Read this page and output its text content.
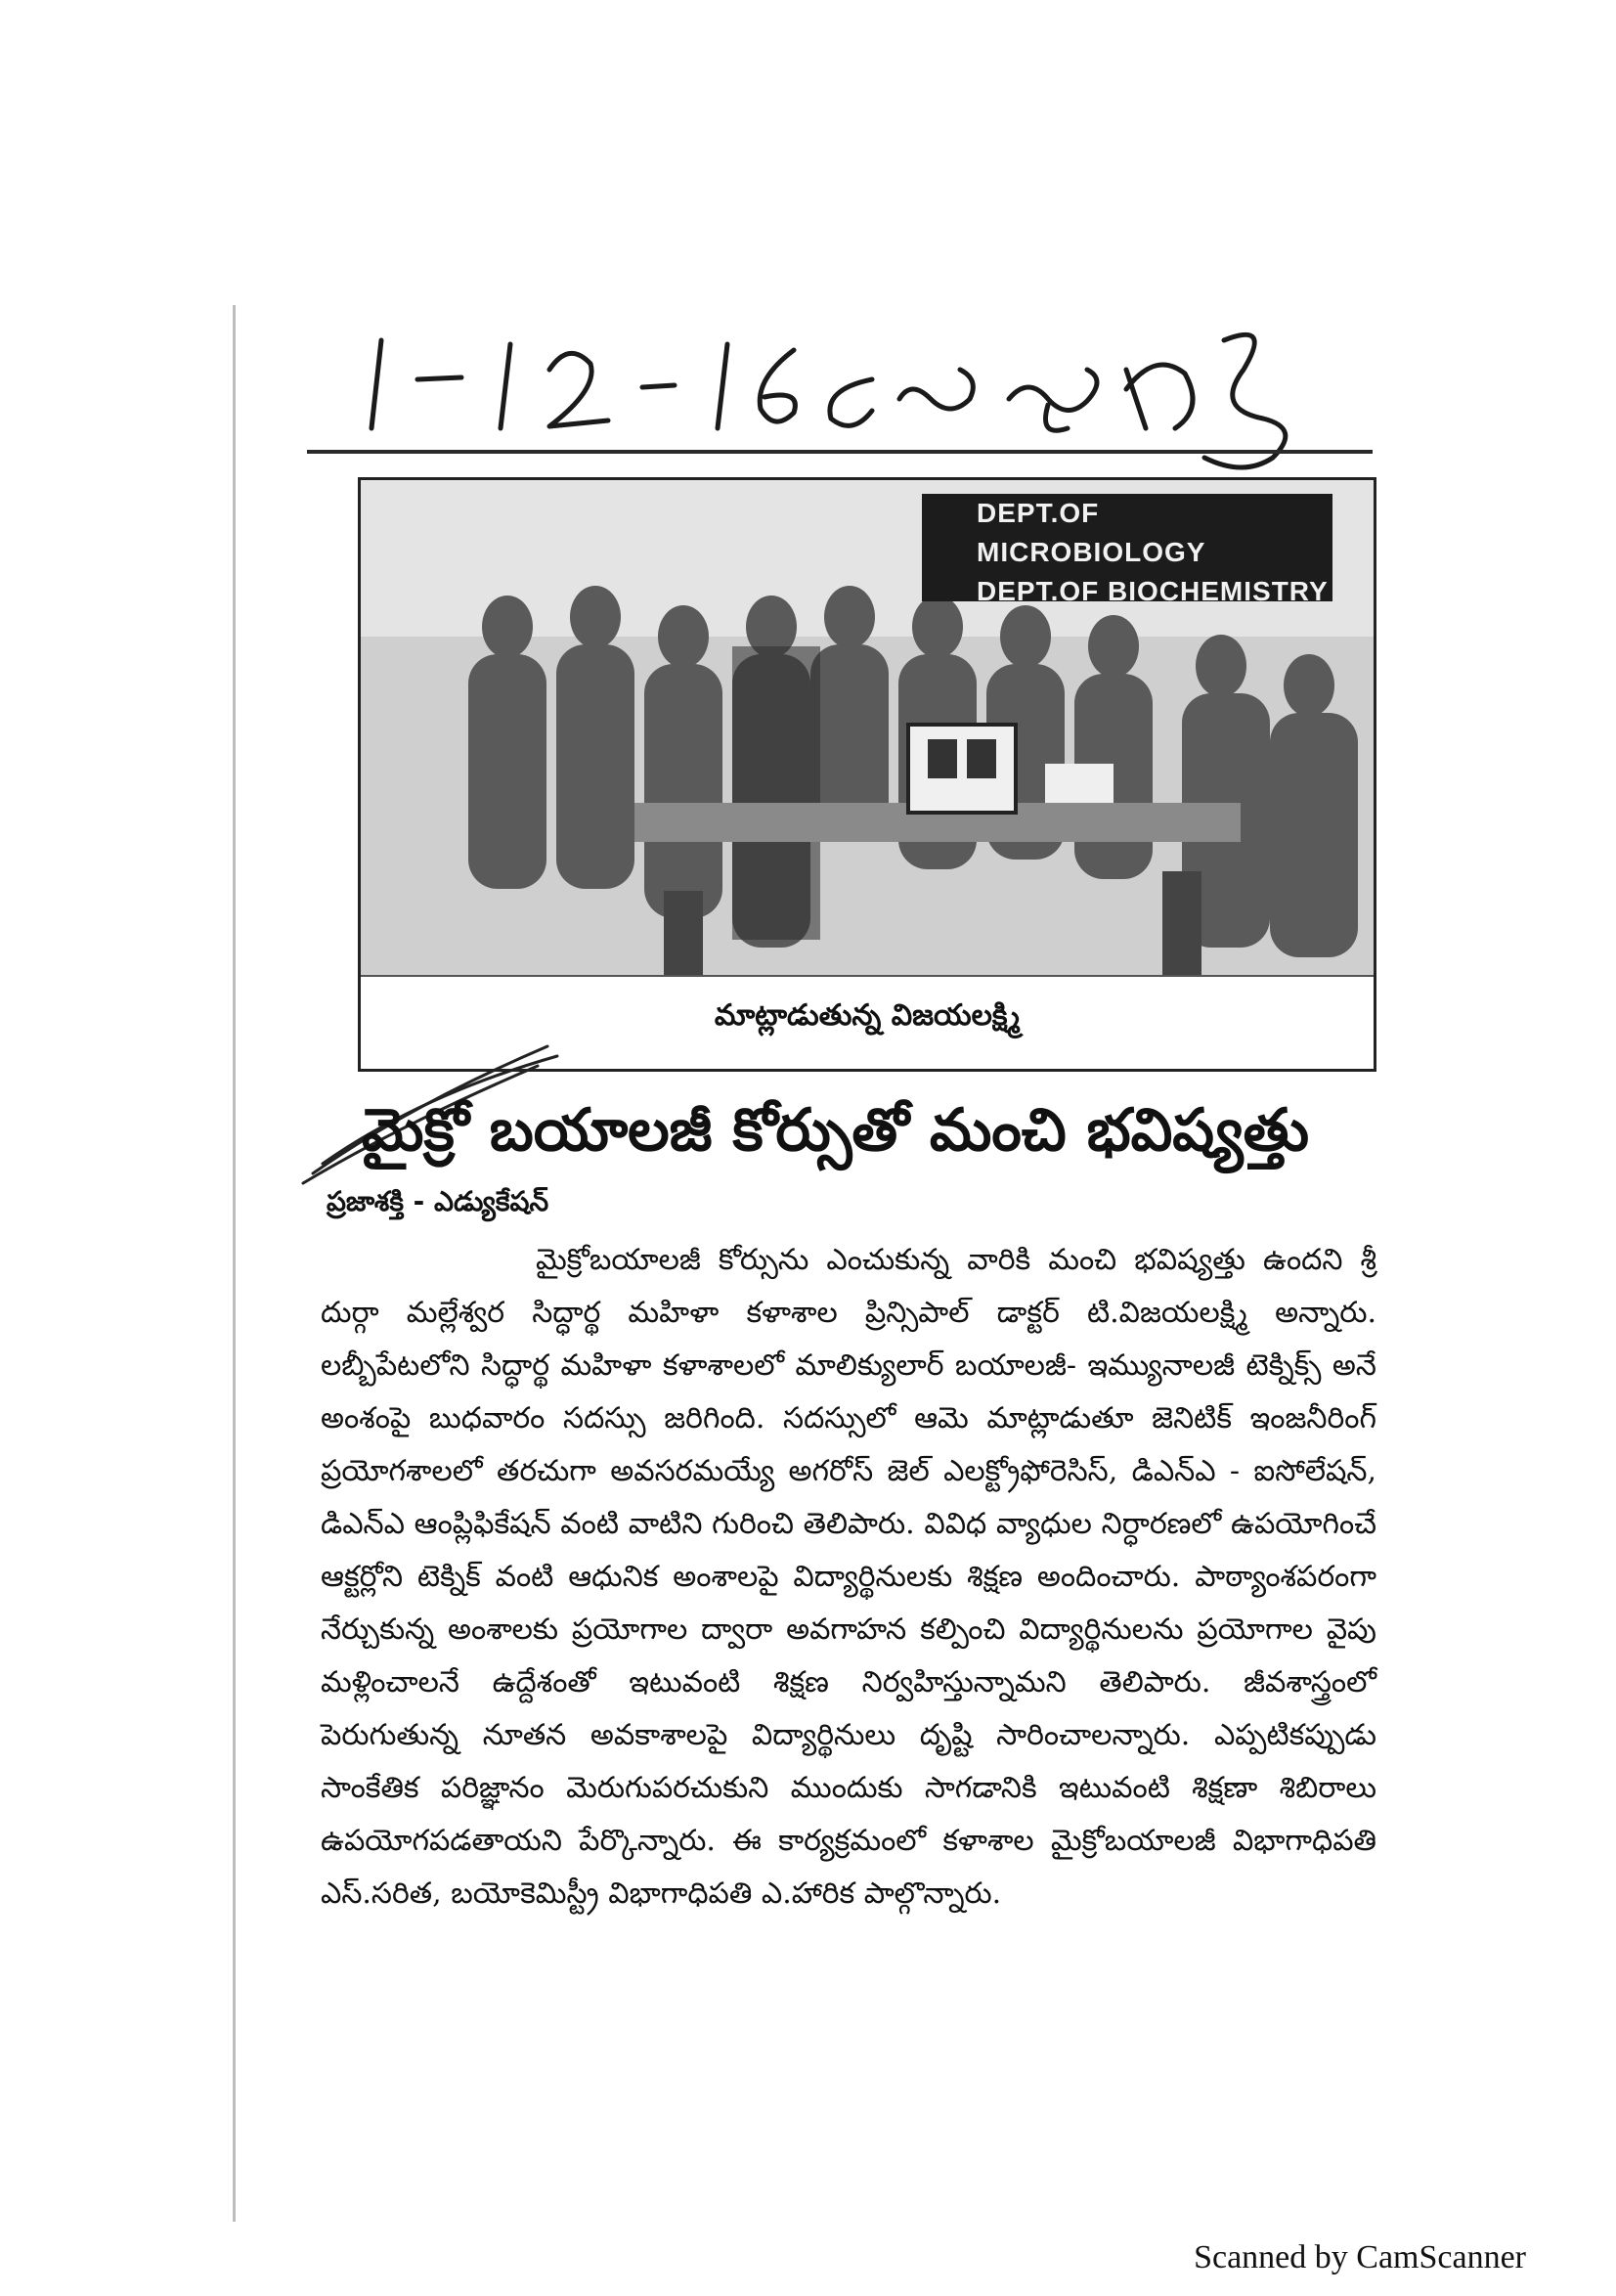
DEPT.OF MICROBIOLOGY
DEPT.OF BIOCHEMISTRY
మాట్లాడుతున్న విజయలక్ష్మి
మైక్రో బయాలజీ కోర్సుతో మంచి భవిష్యత్తు
ప్రజాశక్తి - ఎడ్యుకేషన్

మైక్రోబయాలజీ కోర్సును ఎంచుకున్న వారికి మంచి భవిష్యత్తు ఉందని శ్రీ దుర్గా మల్లేశ్వర సిద్ధార్థ మహిళా కళాశాల ప్రిన్సిపాల్ డాక్టర్ టి.విజయలక్ష్మి అన్నారు. లబ్బీపేటలోని సిద్ధార్థ మహిళా కళాశాలలో మాలిక్యులార్ బయాలజీ- ఇమ్యునాలజీ టెక్నిక్స్ అనే అంశంపై బుధవారం సదస్సు జరిగింది. సదస్సులో ఆమె మాట్లాడుతూ జెనిటిక్ ఇంజనీరింగ్ ప్రయోగశాలలో తరచుగా అవసరమయ్యే అగరోస్ జెల్ ఎలక్ట్రోఫోరెసిస్, డిఎన్ఎ - ఐసోలేషన్, డిఎన్ఎ ఆంప్లిఫికేషన్ వంటి వాటిని గురించి తెలిపారు. వివిధ వ్యాధుల నిర్ధారణలో ఉపయోగించే ఆక్టర్లోని టెక్నిక్ వంటి ఆధునిక అంశాలపై విద్యార్థినులకు శిక్షణ అందించారు. పాఠ్యాంశపరంగా నేర్చుకున్న అంశాలకు ప్రయోగాల ద్వారా అవగాహన కల్పించి విద్యార్థినులను ప్రయోగాల వైపు మళ్లించాలనే ఉద్దేశంతో ఇటువంటి శిక్షణ నిర్వహిస్తున్నామని తెలిపారు. జీవశాస్త్రంలో పెరుగుతున్న నూతన అవకాశాలపై విద్యార్థినులు దృష్టి సారించాలన్నారు. ఎప్పటికప్పుడు సాంకేతిక పరిజ్ఞానం మెరుగుపరచుకుని ముందుకు సాగడానికి ఇటువంటి శిక్షణా శిబిరాలు ఉపయోగపడతాయని పేర్కొన్నారు. ఈ కార్యక్రమంలో కళాశాల మైక్రోబయాలజీ విభాగాధిపతి ఎస్.సరిత, బయోకెమిస్ట్రీ విభాగాధిపతి ఎ.హారిక పాల్గొన్నారు.

Scanned by CamScanner
